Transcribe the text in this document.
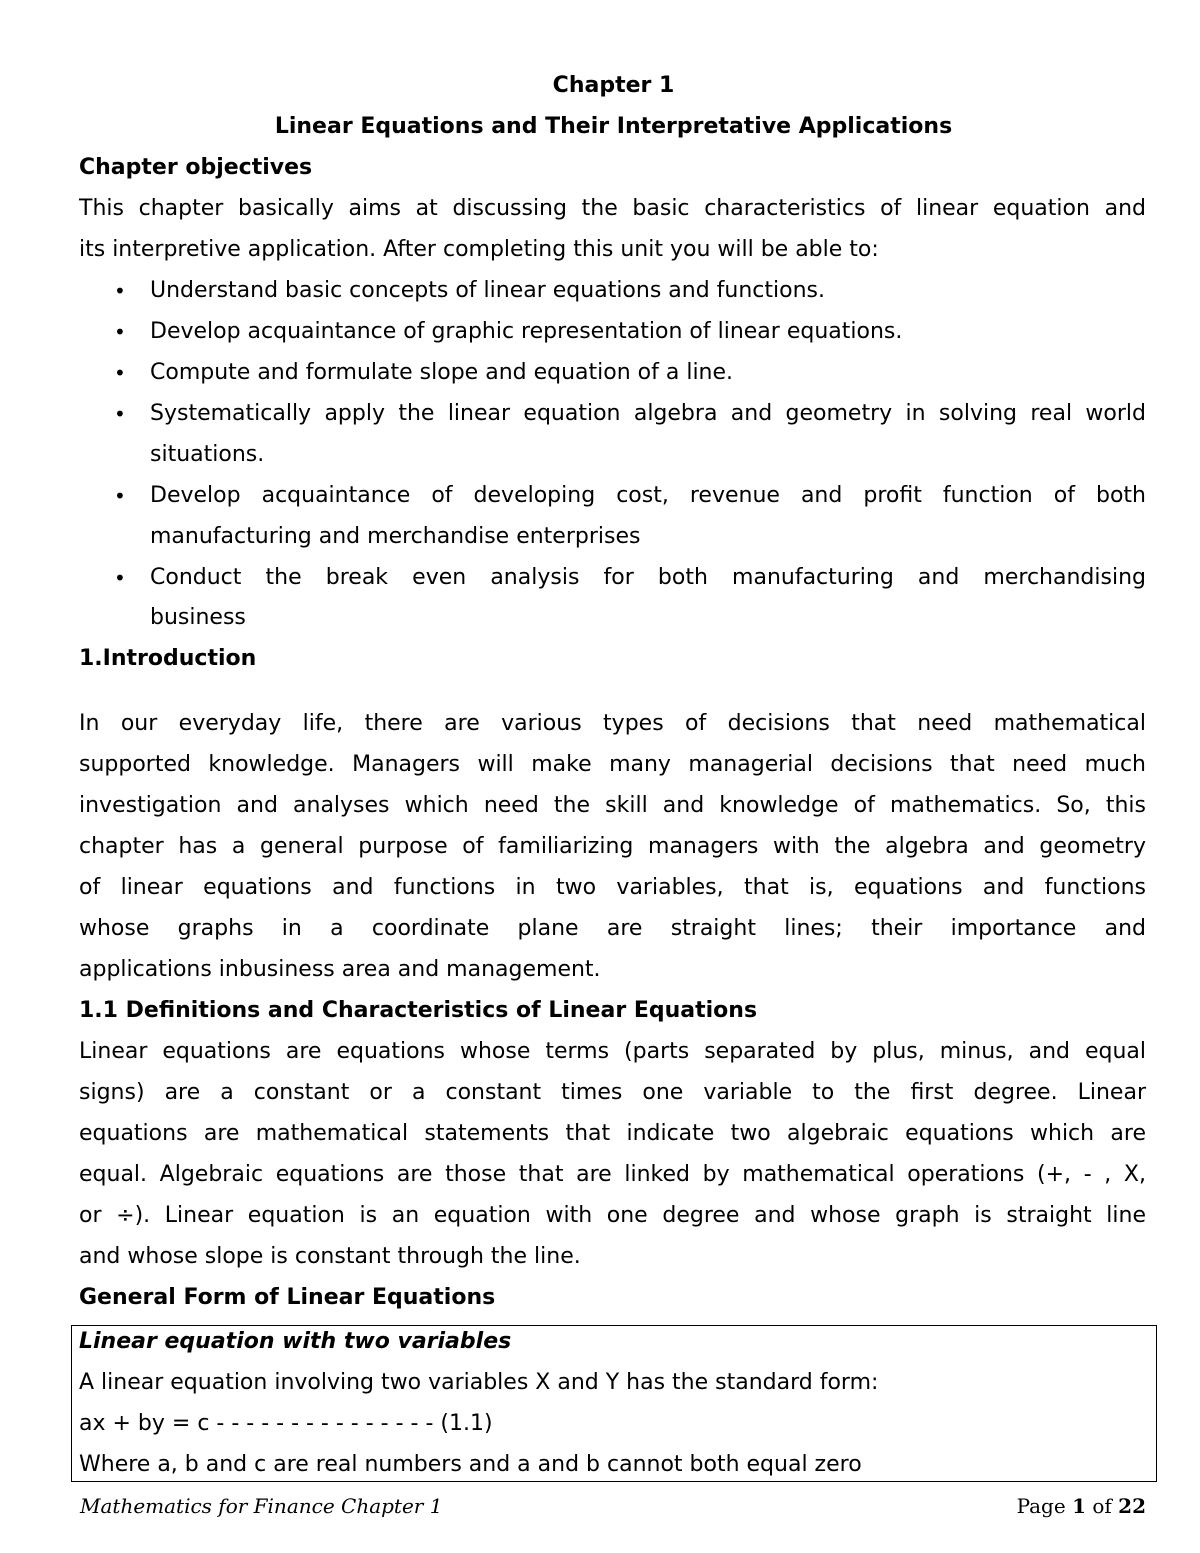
Chapter 1
Linear Equations and Their Interpretative Applications
Chapter objectives
This chapter basically aims at discussing the basic characteristics of linear equation and
its interpretive application. After completing this unit you will be able to:
• Understand basic concepts of linear equations and functions.
• Develop acquaintance of graphic representation of linear equations.
• Compute and formulate slope and equation of a line.
• Systematically apply the linear equation algebra and geometry in solving real world
situations.
• Develop acquaintance of developing cost, revenue and profit function of both
manufacturing and merchandise enterprises
• Conduct the break even analysis for both manufacturing and merchandising
business
1.Introduction
In our everyday life, there are various types of decisions that need mathematical
supported knowledge. Managers will make many managerial decisions that need much
investigation and analyses which need the skill and knowledge of mathematics. So, this
chapter has a general purpose of familiarizing managers with the algebra and geometry
of linear equations and functions in two variables, that is, equations and functions
whose graphs in a coordinate plane are straight lines; their importance and
applications inbusiness area and management.
1.1 Definitions and Characteristics of Linear Equations
Linear equations are equations whose terms (parts separated by plus, minus, and equal
signs) are a constant or a constant times one variable to the first degree. Linear
equations are mathematical statements that indicate two algebraic equations which are
equal. Algebraic equations are those that are linked by mathematical operations (+, - , X,
or ÷). Linear equation is an equation with one degree and whose graph is straight line
and whose slope is constant through the line.
General Form of Linear Equations
Linear equation with two variables
A linear equation involving two variables X and Y has the standard form:
ax + by = c - - - - - - - - - - - - - - - (1.1)
Where a, b and c are real numbers and a and b cannot both equal zero
Mathematics for Finance Chapter 1	Page 1 of 22
